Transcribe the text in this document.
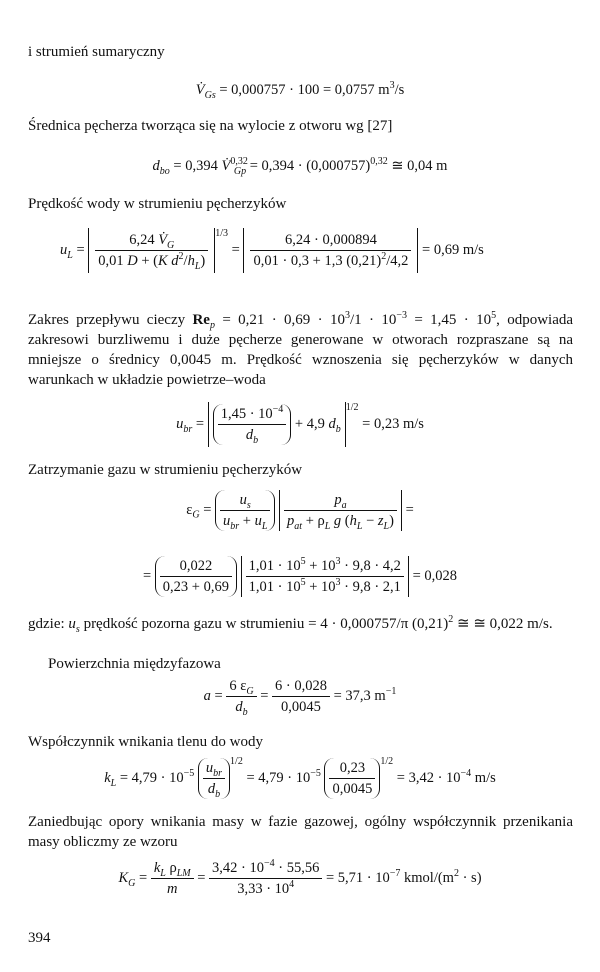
i strumień sumaryczny

$V̇_{Gs} = 0,000757 \cdot 100 = 0,0757$ $m^3/s$

Średnica pęcherza tworząca się na wylocie z otworu wg [27]

$d_{bo} = 0,394$ V̇$^{0,32}_{Gp}$ = $0,394 \cdot (0,000757)^{0,32}$ ≅ 0,04 m

Prędkość wody w strumieniu pęcherzyków

$u_L = \frac{6,24 V̇_G}{0,01 D + (K d^2/h_L)} ^{1/3} = \frac{6,24 \cdot 0,000894}{0,01 \cdot 0,3 + 1,3 (0,21)^2/4,2} = 0,69$ m/s

Zakres przepływu cieczy $Re_p = 0,21 \cdot 0,69 \cdot 10^3/1 \cdot 10^{-3} = 1,45 \cdot 10^5$, odpowiada zakresowi burzliwemu i duże pęcherze generowane w otworach rozpraszane są na mniejsze o średnicy 0,0045 m. Prędkość wznoszenia się pęcherzyków w danych warunkach w układzie powietrze–woda

$u_{br} = \frac{1,45 \cdot 10^{-4}}{d_b} + 4,9$ $d_b^{1/2} = 0,23$ m/s

Zatrzymanie gazu w strumieniu pęcherzyków

$\varepsilon_G = \frac{u_s}{u_{br} + u_L}$
$\frac{p_a}{p_{at} + \rho_L g (h_L - z_L)}$ =
= $\frac{0,022}{0,23 + 0,69}$
$\frac{1,01 \cdot 10^5 + 10^3 \cdot 9,8 \cdot 4,2}{1,01 \cdot 10^5 + 10^3 \cdot 9,8 \cdot 2,1} = 0,028$

gdzie: $u_s$ prędkość pozorna gazu w strumieniu = 4 · 0,000757/π $(0,21)^2$ ≅ ≅ 0,022 m/s.

Powierzchnia międzyfazowa

$a = \frac{6 \varepsilon_G}{d_b} = \frac{6 \cdot 0,028}{0,0045} = 37,3$ $m^{-1}$

Współczynnik wnikania tlenu do wody

$k_L = 4,79 \cdot 10^{-5} \frac{u_{br}}{d_b} ^{1/2} = 4,79 \cdot 10^{-5} \frac{0,23}{0,0045} ^{1/2} = 3,42 \cdot 10^{-4}$ m/s

Zaniedbując opory wnikania masy w fazie gazowej, ogólny współczynnik przenikania masy obliczmy ze wzoru

$K_G = \frac{k_L \rho_{LM}}{m} = \frac{3,42 \cdot 10^{-4} \cdot 55,56}{3,33 \cdot 10^4} = 5,71 \cdot 10^{-7}$ kmol/$(m^2 \cdot s)$
394
